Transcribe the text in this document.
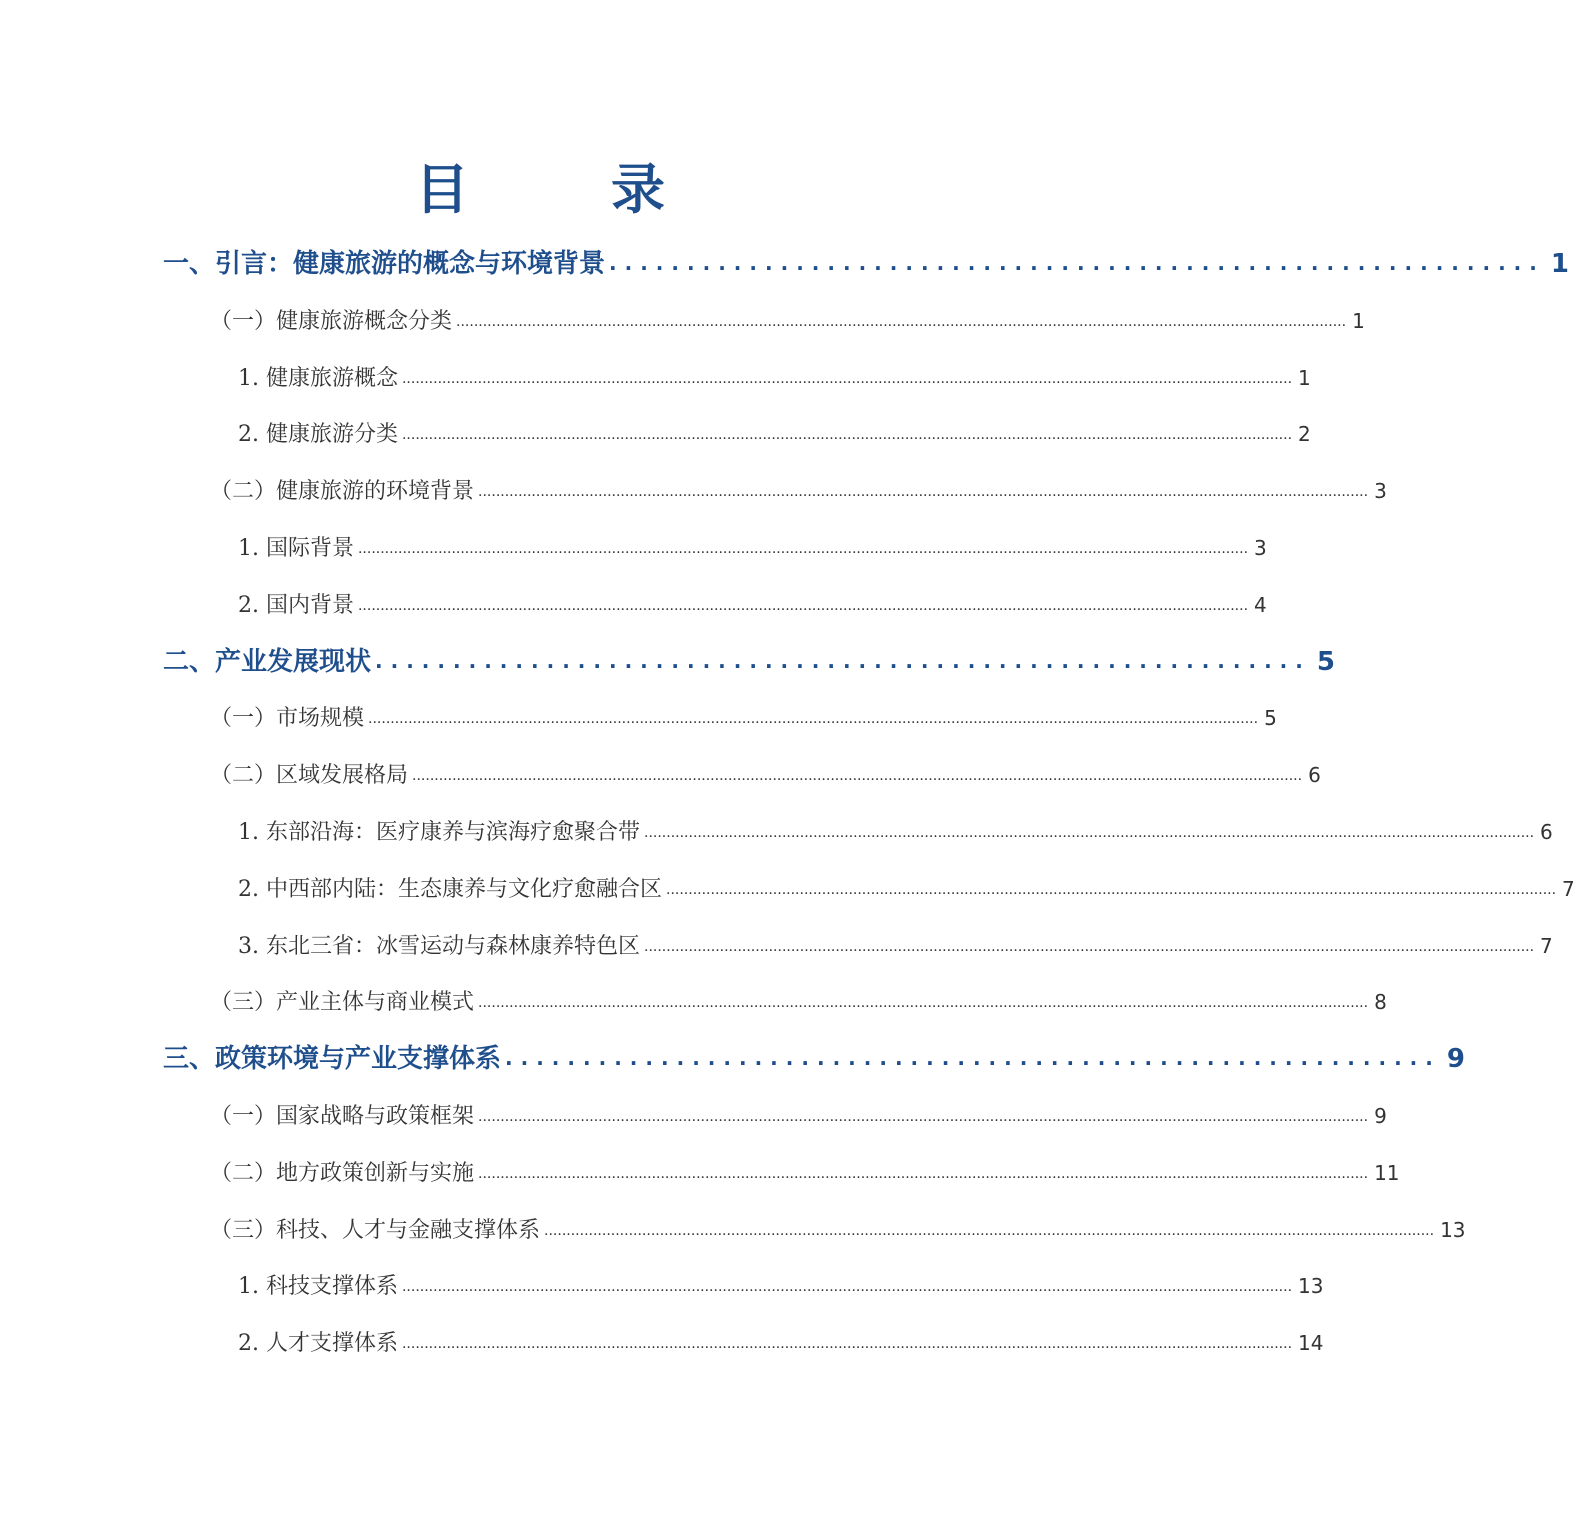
目　录
一、引言：健康旅游的概念与环境背景 ............................................................ 1
（一）健康旅游概念分类 ........................................................................................................................................................................................................ 1
1. 健康旅游概念 ........................................................................................................................................................................................................ 1
2. 健康旅游分类 ........................................................................................................................................................................................................ 2
（二）健康旅游的环境背景 ........................................................................................................................................................................................................ 3
1. 国际背景 ........................................................................................................................................................................................................ 3
2. 国内背景 ........................................................................................................................................................................................................ 4
二、产业发展现状 ............................................................ 5
（一）市场规模 ........................................................................................................................................................................................................ 5
（二）区域发展格局 ........................................................................................................................................................................................................ 6
1. 东部沿海：医疗康养与滨海疗愈聚合带 ........................................................................................................................................................................................................ 6
2. 中西部内陆：生态康养与文化疗愈融合区 ........................................................................................................................................................................................................ 7
3. 东北三省：冰雪运动与森林康养特色区 ........................................................................................................................................................................................................ 7
（三）产业主体与商业模式 ........................................................................................................................................................................................................ 8
三、政策环境与产业支撑体系 ............................................................ 9
（一）国家战略与政策框架 ........................................................................................................................................................................................................ 9
（二）地方政策创新与实施 ........................................................................................................................................................................................................ 11
（三）科技、人才与金融支撑体系 ........................................................................................................................................................................................................ 13
1. 科技支撑体系 ........................................................................................................................................................................................................ 13
2. 人才支撑体系 ........................................................................................................................................................................................................ 14
